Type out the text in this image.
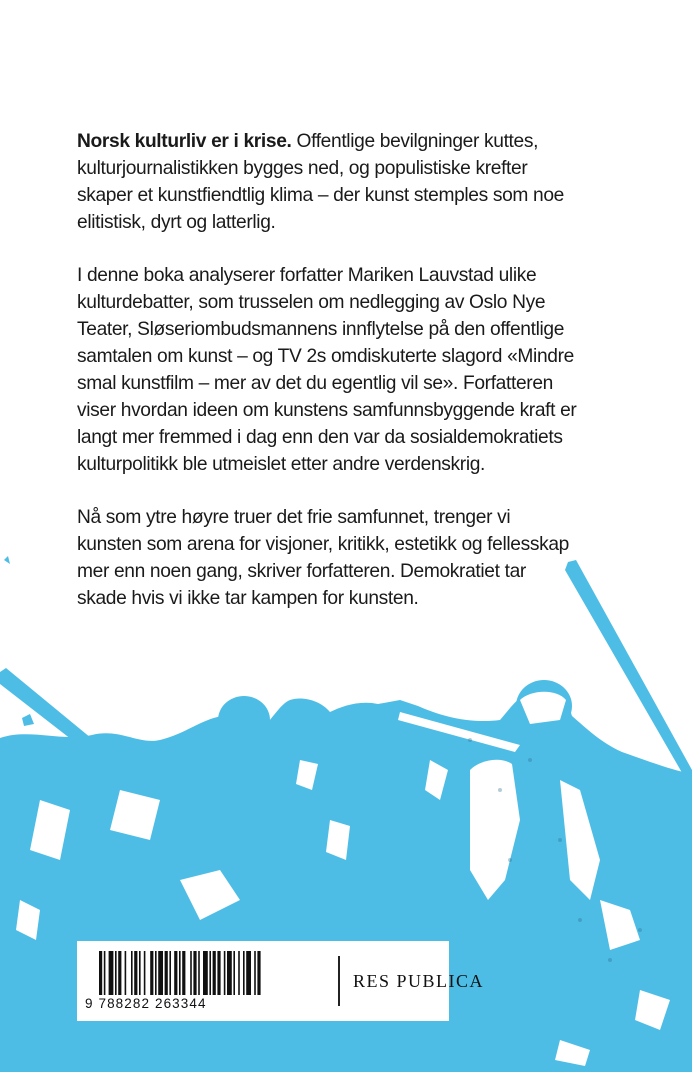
Norsk kulturliv er i krise. Offentlige bevilgninger kuttes, kulturjournalistikken bygges ned, og populistiske krefter skaper et kunstfiendtlig klima – der kunst stemples som noe elitistisk, dyrt og latterlig.

I denne boka analyserer forfatter Mariken Lauvstad ulike kulturdebatter, som trusselen om nedlegging av Oslo Nye Teater, Sløseriombudsmannens innflytelse på den offentlige samtalen om kunst – og TV 2s omdiskuterte slagord «Mindre smal kunstfilm – mer av det du egentlig vil se». Forfatteren viser hvordan ideen om kunstens samfunnsbyggende kraft er langt mer fremmed i dag enn den var da sosialdemokratiets kulturpolitikk ble utmeislet etter andre verdenskrig.

Nå som ytre høyre truer det frie samfunnet, trenger vi kunsten som arena for visjoner, kritikk, estetikk og fellesskap mer enn noen gang, skriver forfatteren. Demokratiet tar skade hvis vi ikke tar kampen for kunsten.

9 788282 263344
RES PUBLICA
